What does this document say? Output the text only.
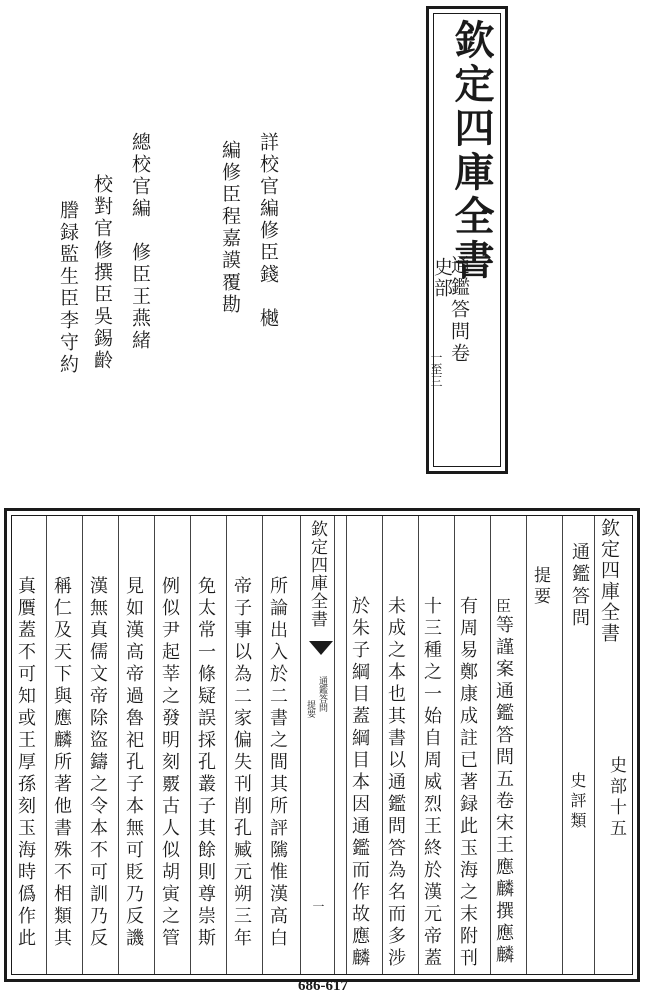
欽定四庫全書
史部
通鑑答問卷
一至三
詳校官編修臣錢　樾
編修臣程嘉謨覆勘
總校官編　修臣王燕緒
校對官修撰臣吳錫齡
謄録監生臣李守約
欽定四庫全書
史部十五
通鑑答問
史評類
提要
臣等謹案通鑑答問五卷宋王應麟撰應麟
有周易鄭康成註已著録此玉海之末附刊
十三種之一始自周威烈王終於漢元帝蓋
未成之本也其書以通鑑問答為名而多涉
於朱子綱目蓋綱目本因通鑑而作故應麟
所論出入於二書之間其所評隲惟漢高白
帝子事以為二家偏失刊削孔臧元朔三年
免太常一條疑誤採孔叢子其餘則尊崇斯
例似尹起莘之發明刻覈古人似胡寅之管
見如漢高帝過魯祀孔子本無可貶乃反譏
漢無真儒文帝除盜鑄之令本不可訓乃反
稱仁及天下與應麟所著他書殊不相類其
真贋蓋不可知或王厚孫刻玉海時僞作此
欽定四庫全書
通鑑答問
提要
一
686-617
